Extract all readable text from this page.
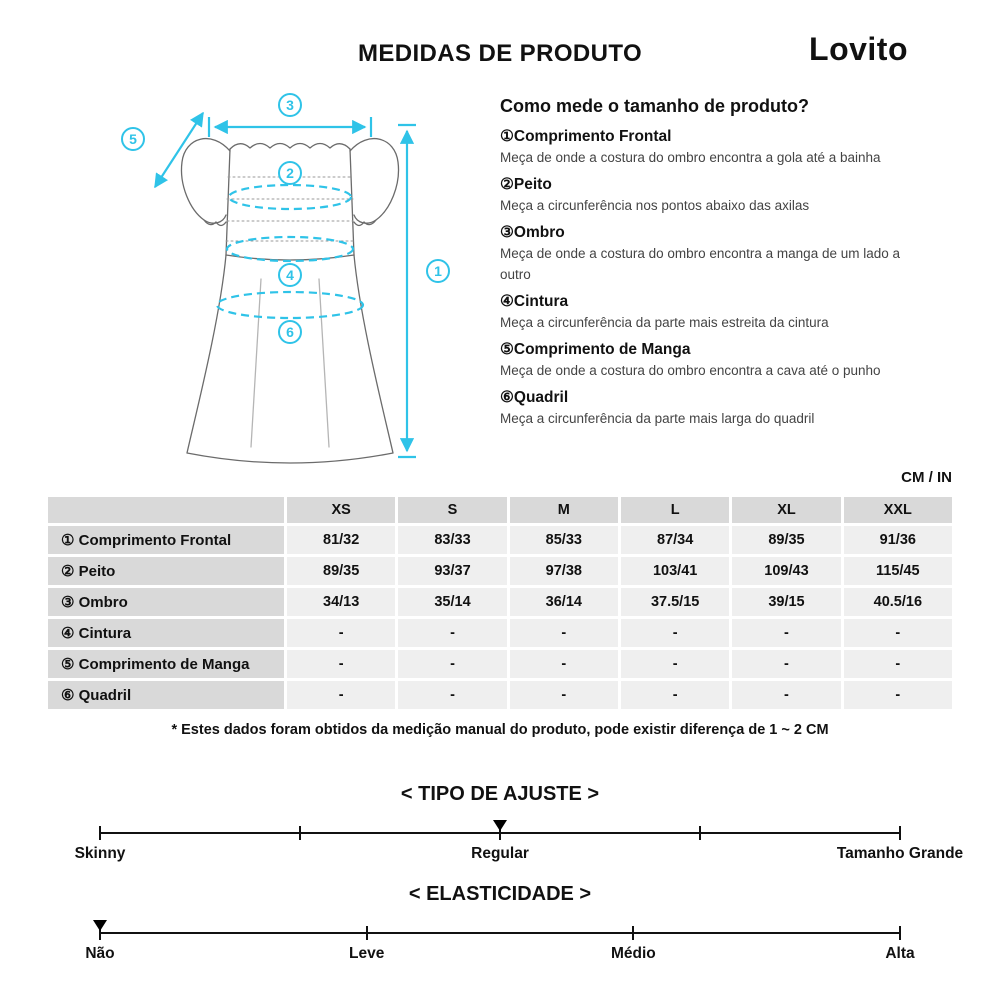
MEDIDAS DE PRODUTO	Lovito
3
5
2
4
6
1
Como mede o tamanho de produto?
①Comprimento Frontal
Meça de onde a costura do ombro encontra a gola até a bainha
②Peito
Meça a circunferência nos pontos abaixo das axilas
③Ombro
Meça de onde a costura do ombro encontra a manga de um lado a outro
④Cintura
Meça a circunferência da parte mais estreita da cintura
⑤Comprimento de Manga
Meça de onde a costura do ombro encontra a cava até o punho
⑥Quadril
Meça a circunferência da parte mais larga do quadril
CM / IN
	XS	S	M	L	XL	XXL
① Comprimento Frontal	81/32	83/33	85/33	87/34	89/35	91/36
② Peito	89/35	93/37	97/38	103/41	109/43	115/45
③ Ombro	34/13	35/14	36/14	37.5/15	39/15	40.5/16
④ Cintura	-	-	-	-	-	-
⑤ Comprimento de Manga	-	-	-	-	-	-
⑥ Quadril	-	-	-	-	-	-
* Estes dados foram obtidos da medição manual do produto, pode existir diferença de 1 ~ 2 CM
< TIPO DE AJUSTE >
Skinny	Regular	Tamanho Grande
< ELASTICIDADE >
Não	Leve	Médio	Alta
